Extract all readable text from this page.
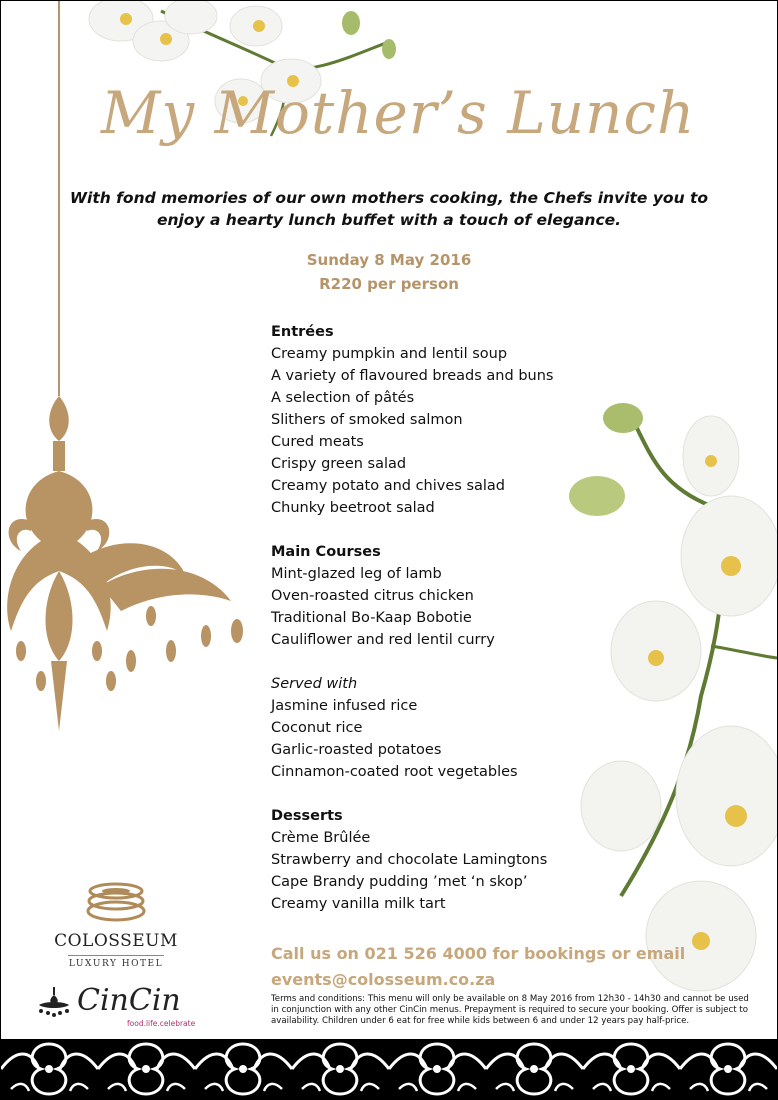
My Mother’s Lunch
With fond memories of our own mothers cooking, the Chefs invite you to enjoy a hearty lunch buffet with a touch of elegance.
Sunday 8 May 2016
R220 per person
Entrées
Creamy pumpkin and lentil soup
A variety of flavoured breads and buns
A selection of pâtés
Slithers of smoked salmon
Cured meats
Crispy green salad
Creamy potato and chives salad
Chunky beetroot salad
Main Courses
Mint-glazed leg of lamb
Oven-roasted citrus chicken
Traditional Bo-Kaap Bobotie
Cauliflower and red lentil curry
Served with
Jasmine infused rice
Coconut rice
Garlic-roasted potatoes
Cinnamon-coated root vegetables
Desserts
Crème Brûlée
Strawberry and chocolate Lamingtons
Cape Brandy pudding ’met ‘n skop’
Creamy vanilla milk tart
Call us on 021 526 4000 for bookings or email
events@colosseum.co.za
Terms and conditions: This menu will only be available on 8 May 2016 from 12h30 - 14h30 and cannot be used in conjunction with any other CinCin menus. Prepayment is required to secure your booking. Offer is subject to availability. Children under 6 eat for free while kids between 6 and under 12 years pay half-price.
COLOSSEUM
LUXURY HOTEL
CinCin
food.life.celebrate
